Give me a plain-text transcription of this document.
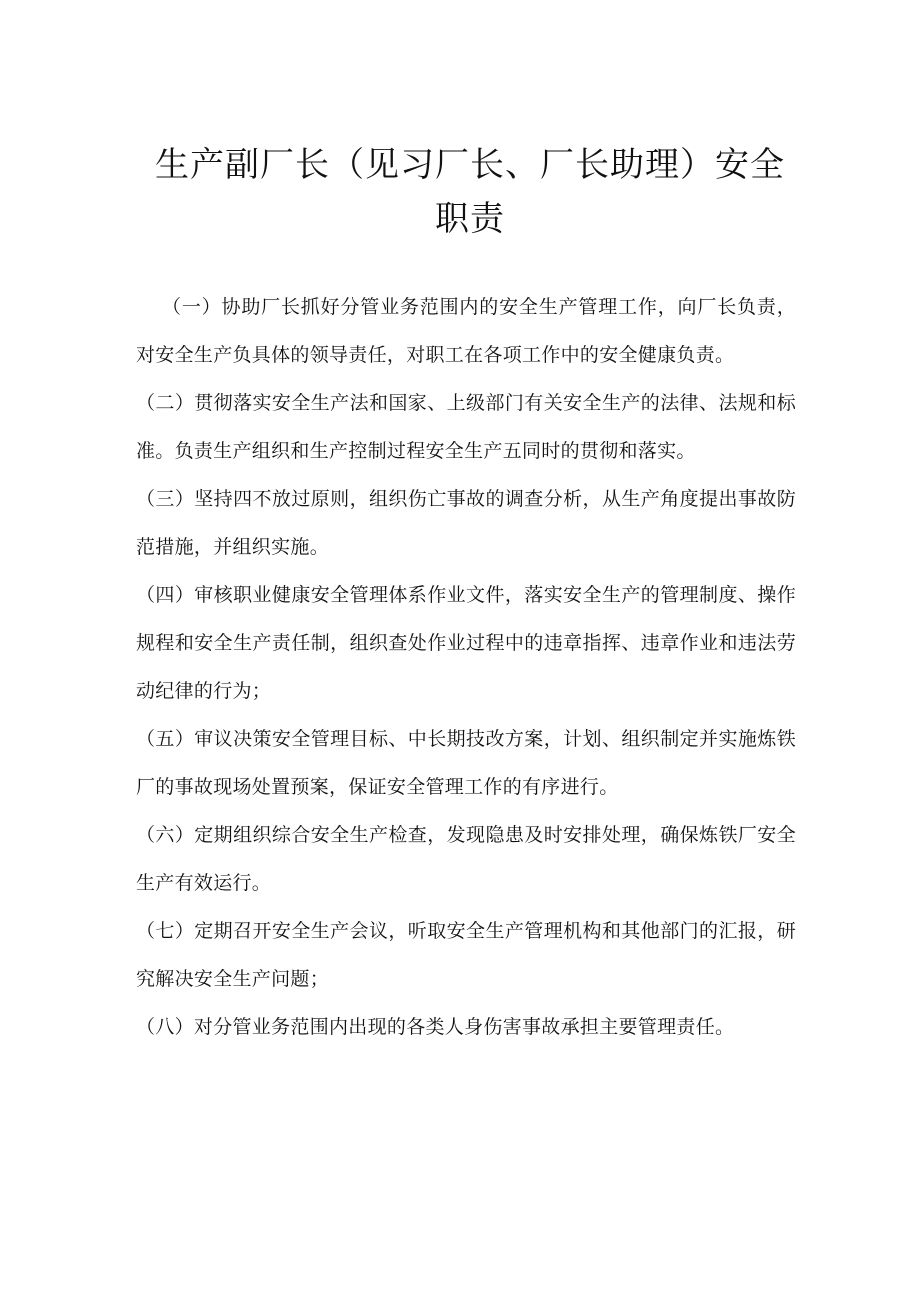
生产副厂长（见习厂长、厂长助理）安全职责

（一）协助厂长抓好分管业务范围内的安全生产管理工作，向厂长负责，对安全生产负具体的领导责任，对职工在各项工作中的安全健康负责。

（二）贯彻落实安全生产法和国家、上级部门有关安全生产的法律、法规和标准。负责生产组织和生产控制过程安全生产五同时的贯彻和落实。

（三）坚持四不放过原则，组织伤亡事故的调查分析，从生产角度提出事故防范措施，并组织实施。

（四）审核职业健康安全管理体系作业文件，落实安全生产的管理制度、操作规程和安全生产责任制，组织查处作业过程中的违章指挥、违章作业和违法劳动纪律的行为；

（五）审议决策安全管理目标、中长期技改方案，计划、组织制定并实施炼铁厂的事故现场处置预案，保证安全管理工作的有序进行。

（六）定期组织综合安全生产检查，发现隐患及时安排处理，确保炼铁厂安全生产有效运行。

（七）定期召开安全生产会议，听取安全生产管理机构和其他部门的汇报，研究解决安全生产问题；

（八）对分管业务范围内出现的各类人身伤害事故承担主要管理责任。
